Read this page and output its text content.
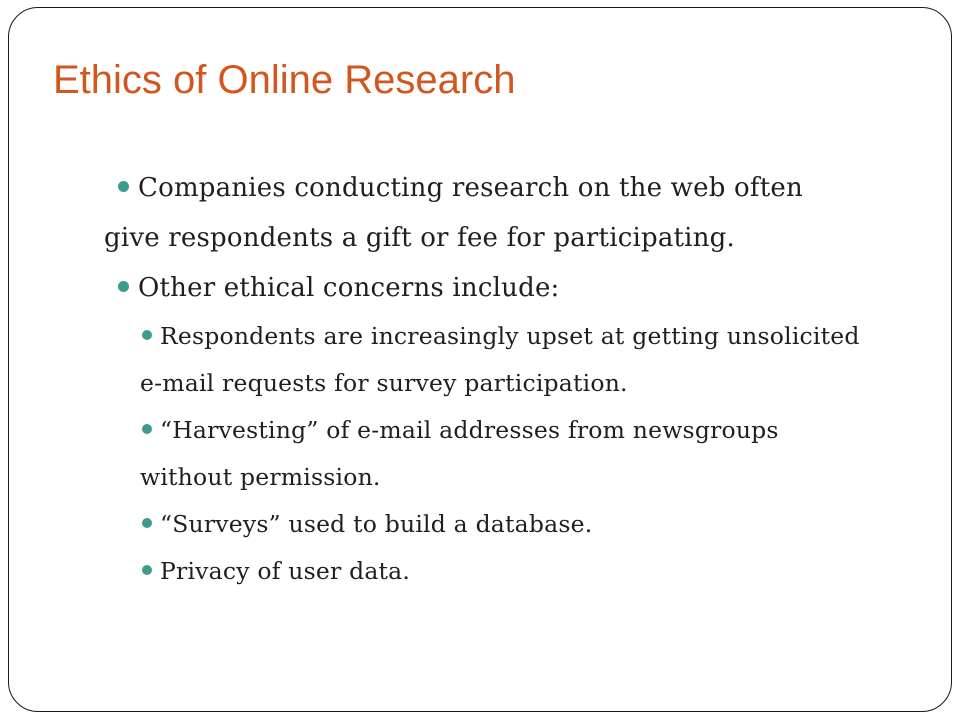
Ethics of Online Research
Companies conducting research on the web often give respondents a gift or fee for participating.
Other ethical concerns include:
Respondents are increasingly upset at getting unsolicited e-mail requests for survey participation.
“Harvesting” of e-mail addresses from newsgroups without permission.
“Surveys” used to build a database.
Privacy of user data.
